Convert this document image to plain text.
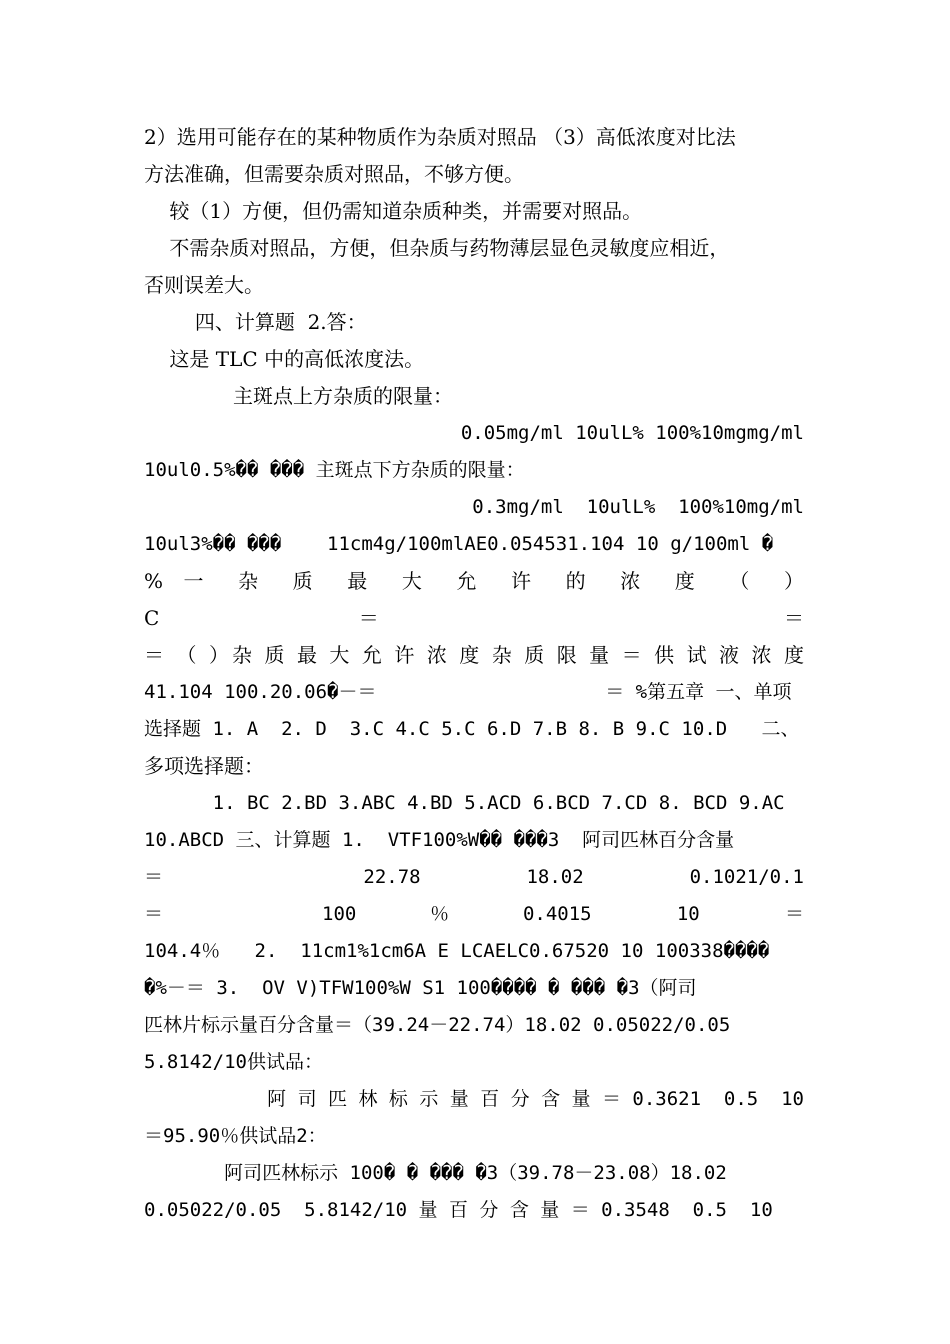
2）选用可能存在的某种物质作为杂质对照品 （3）高低浓度对比法
方法准确，但需要杂质对照品，不够方便。
较（1）方便，但仍需知道杂质种类，并需要对照品。
不需杂质对照品，方便，但杂质与药物薄层显色灵敏度应相近，
否则误差大。
四、计算题  2.答：
这是 TLC 中的高低浓度法。
主斑点上方杂质的限量：
0.05mg/ml 10ulL% 100%10mgmg/ml
10ul0.5%�� ��� 主斑点下方杂质的限量：
0.3mg/ml  10ulL%  100%10mg/ml
10ul3%�� ���    11cm4g/100mlAE0.054531.104 10 g/100ml �
% 一 杂 质 最 大 允 许 的 浓 度 （ ）
C＝ ＝
＝ （ ）杂 质 最 大 允 许 浓 度 杂 质 限 量 ＝ 供 试 液 浓 度
41.104 100.20.06�－＝                    ＝ %第五章 一、单项
选择题 1. A  2. D  3.C 4.C 5.C 6.D 7.B 8. B 9.C 10.D   二、
多项选择题：
1. BC 2.BD 3.ABC 4.BD 5.ACD 6.BCD 7.CD 8. BCD 9.AC
10.ABCD 三、计算题 1.  VTF100%W�� ���3  阿司匹林百分含量
＝ 22.78 18.02 0.1021/0.1
＝ 100％0.4015 10 ＝
104.4％   2.  11cm1%1cm6A E LCAELC0.67520 10 100338����
�%－＝ 3.  OV V)TFW100%W S1 100���� � ��� �3（阿司
匹林片标示量百分含量＝（39.24－22.74）18.02 0.05022/0.05
5.8142/10供试品：
阿 司 匹 林 标 示 量 百 分 含 量 ＝ 0.3621  0.5  10
＝95.90％供试品2：
阿司匹林标示 100� � ��� �3（39.78－23.08）18.02
0.05022/0.05  5.8142/10 量 百 分 含 量 ＝ 0.3548  0.5  10
